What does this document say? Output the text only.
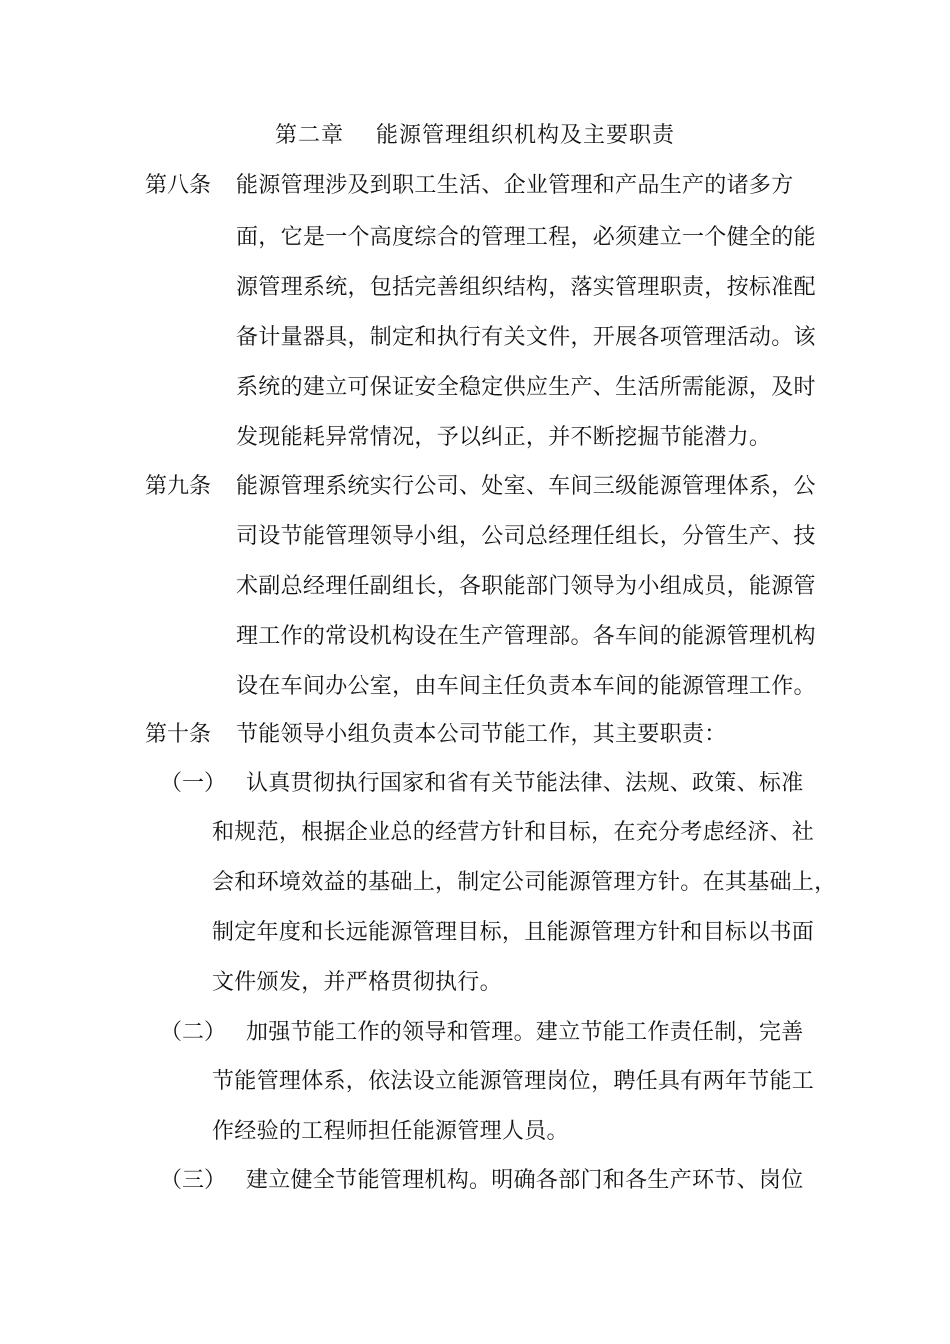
第二章    能源管理组织机构及主要职责
第八条 能源管理涉及到职工生活、企业管理和产品生产的诸多方
面，它是一个高度综合的管理工程，必须建立一个健全的能
源管理系统，包括完善组织结构，落实管理职责，按标准配
备计量器具，制定和执行有关文件，开展各项管理活动。该
系统的建立可保证安全稳定供应生产、生活所需能源，及时
发现能耗异常情况，予以纠正，并不断挖掘节能潜力。
第九条 能源管理系统实行公司、处室、车间三级能源管理体系，公
司设节能管理领导小组，公司总经理任组长，分管生产、技
术副总经理任副组长，各职能部门领导为小组成员，能源管
理工作的常设机构设在生产管理部。各车间的能源管理机构
设在车间办公室，由车间主任负责本车间的能源管理工作。
第十条 节能领导小组负责本公司节能工作，其主要职责：
（一） 认真贯彻执行国家和省有关节能法律、法规、政策、标准
和规范，根据企业总的经营方针和目标，在充分考虑经济、社
会和环境效益的基础上，制定公司能源管理方针。在其基础上，
制定年度和长远能源管理目标，且能源管理方针和目标以书面
文件颁发，并严格贯彻执行。
（二） 加强节能工作的领导和管理。建立节能工作责任制，完善
节能管理体系，依法设立能源管理岗位，聘任具有两年节能工
作经验的工程师担任能源管理人员。
（三） 建立健全节能管理机构。明确各部门和各生产环节、岗位
